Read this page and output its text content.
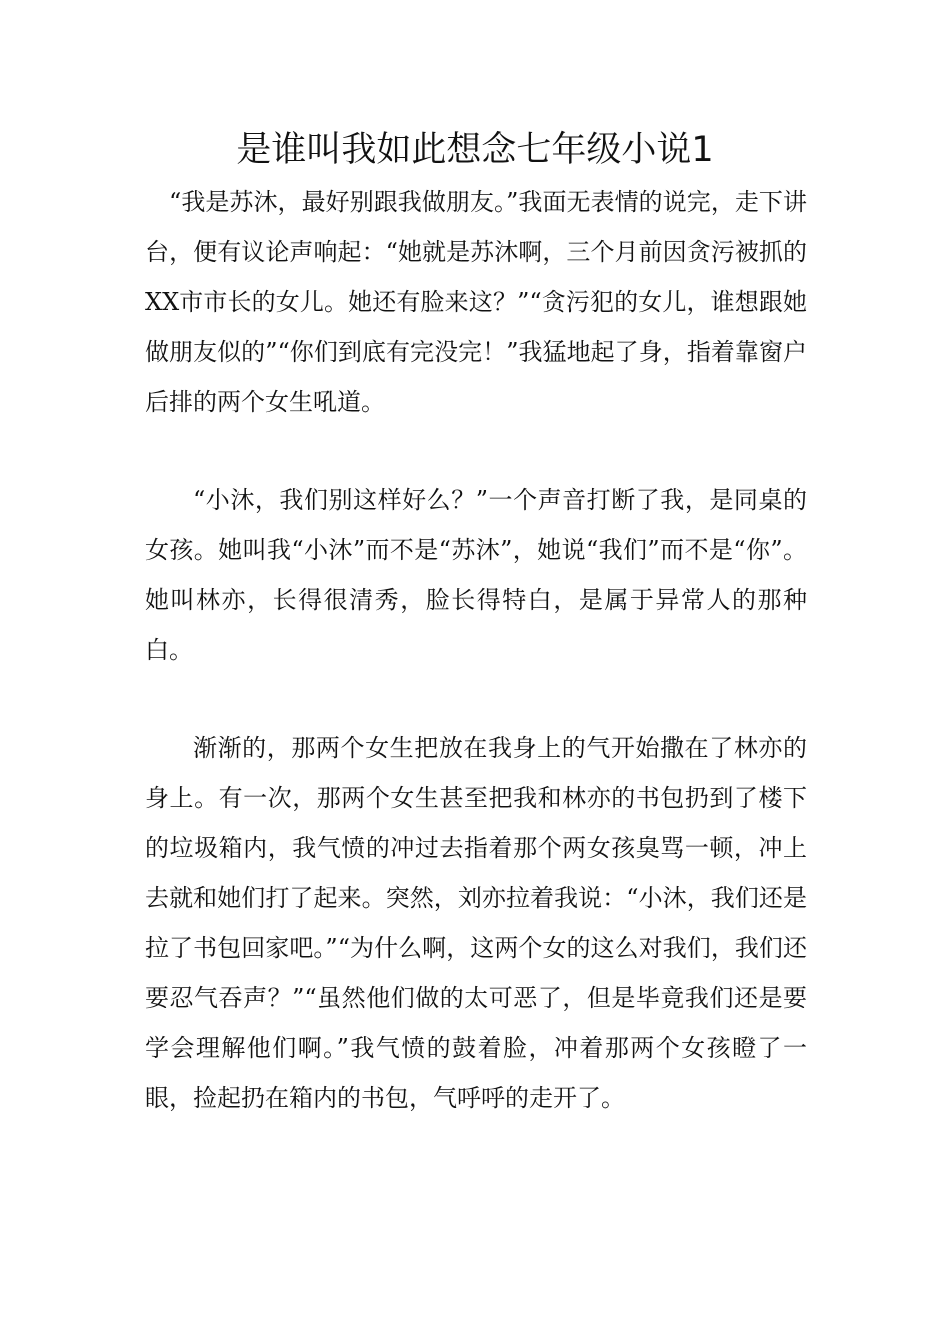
是谁叫我如此想念七年级小说1

“我是苏沐，最好别跟我做朋友。”我面无表情的说完，走下讲台，便有议论声响起：“她就是苏沐啊，三个月前因贪污被抓的XX市市长的女儿。她还有脸来这？”“贪污犯的女儿，谁想跟她做朋友似的”“你们到底有完没完！”我猛地起了身，指着靠窗户后排的两个女生吼道。

“小沐，我们别这样好么？”一个声音打断了我，是同桌的女孩。她叫我“小沐”而不是“苏沐”，她说“我们”而不是“你”。她叫林亦，长得很清秀，脸长得特白，是属于异常人的那种白。

渐渐的，那两个女生把放在我身上的气开始撒在了林亦的身上。有一次，那两个女生甚至把我和林亦的书包扔到了楼下的垃圾箱内，我气愤的冲过去指着那个两女孩臭骂一顿，冲上去就和她们打了起来。突然，刘亦拉着我说：“小沐，我们还是拉了书包回家吧。”“为什么啊，这两个女的这么对我们，我们还要忍气吞声？”“虽然他们做的太可恶了，但是毕竟我们还是要学会理解他们啊。”我气愤的鼓着脸，冲着那两个女孩瞪了一眼，捡起扔在箱内的书包，气呼呼的走开了。
